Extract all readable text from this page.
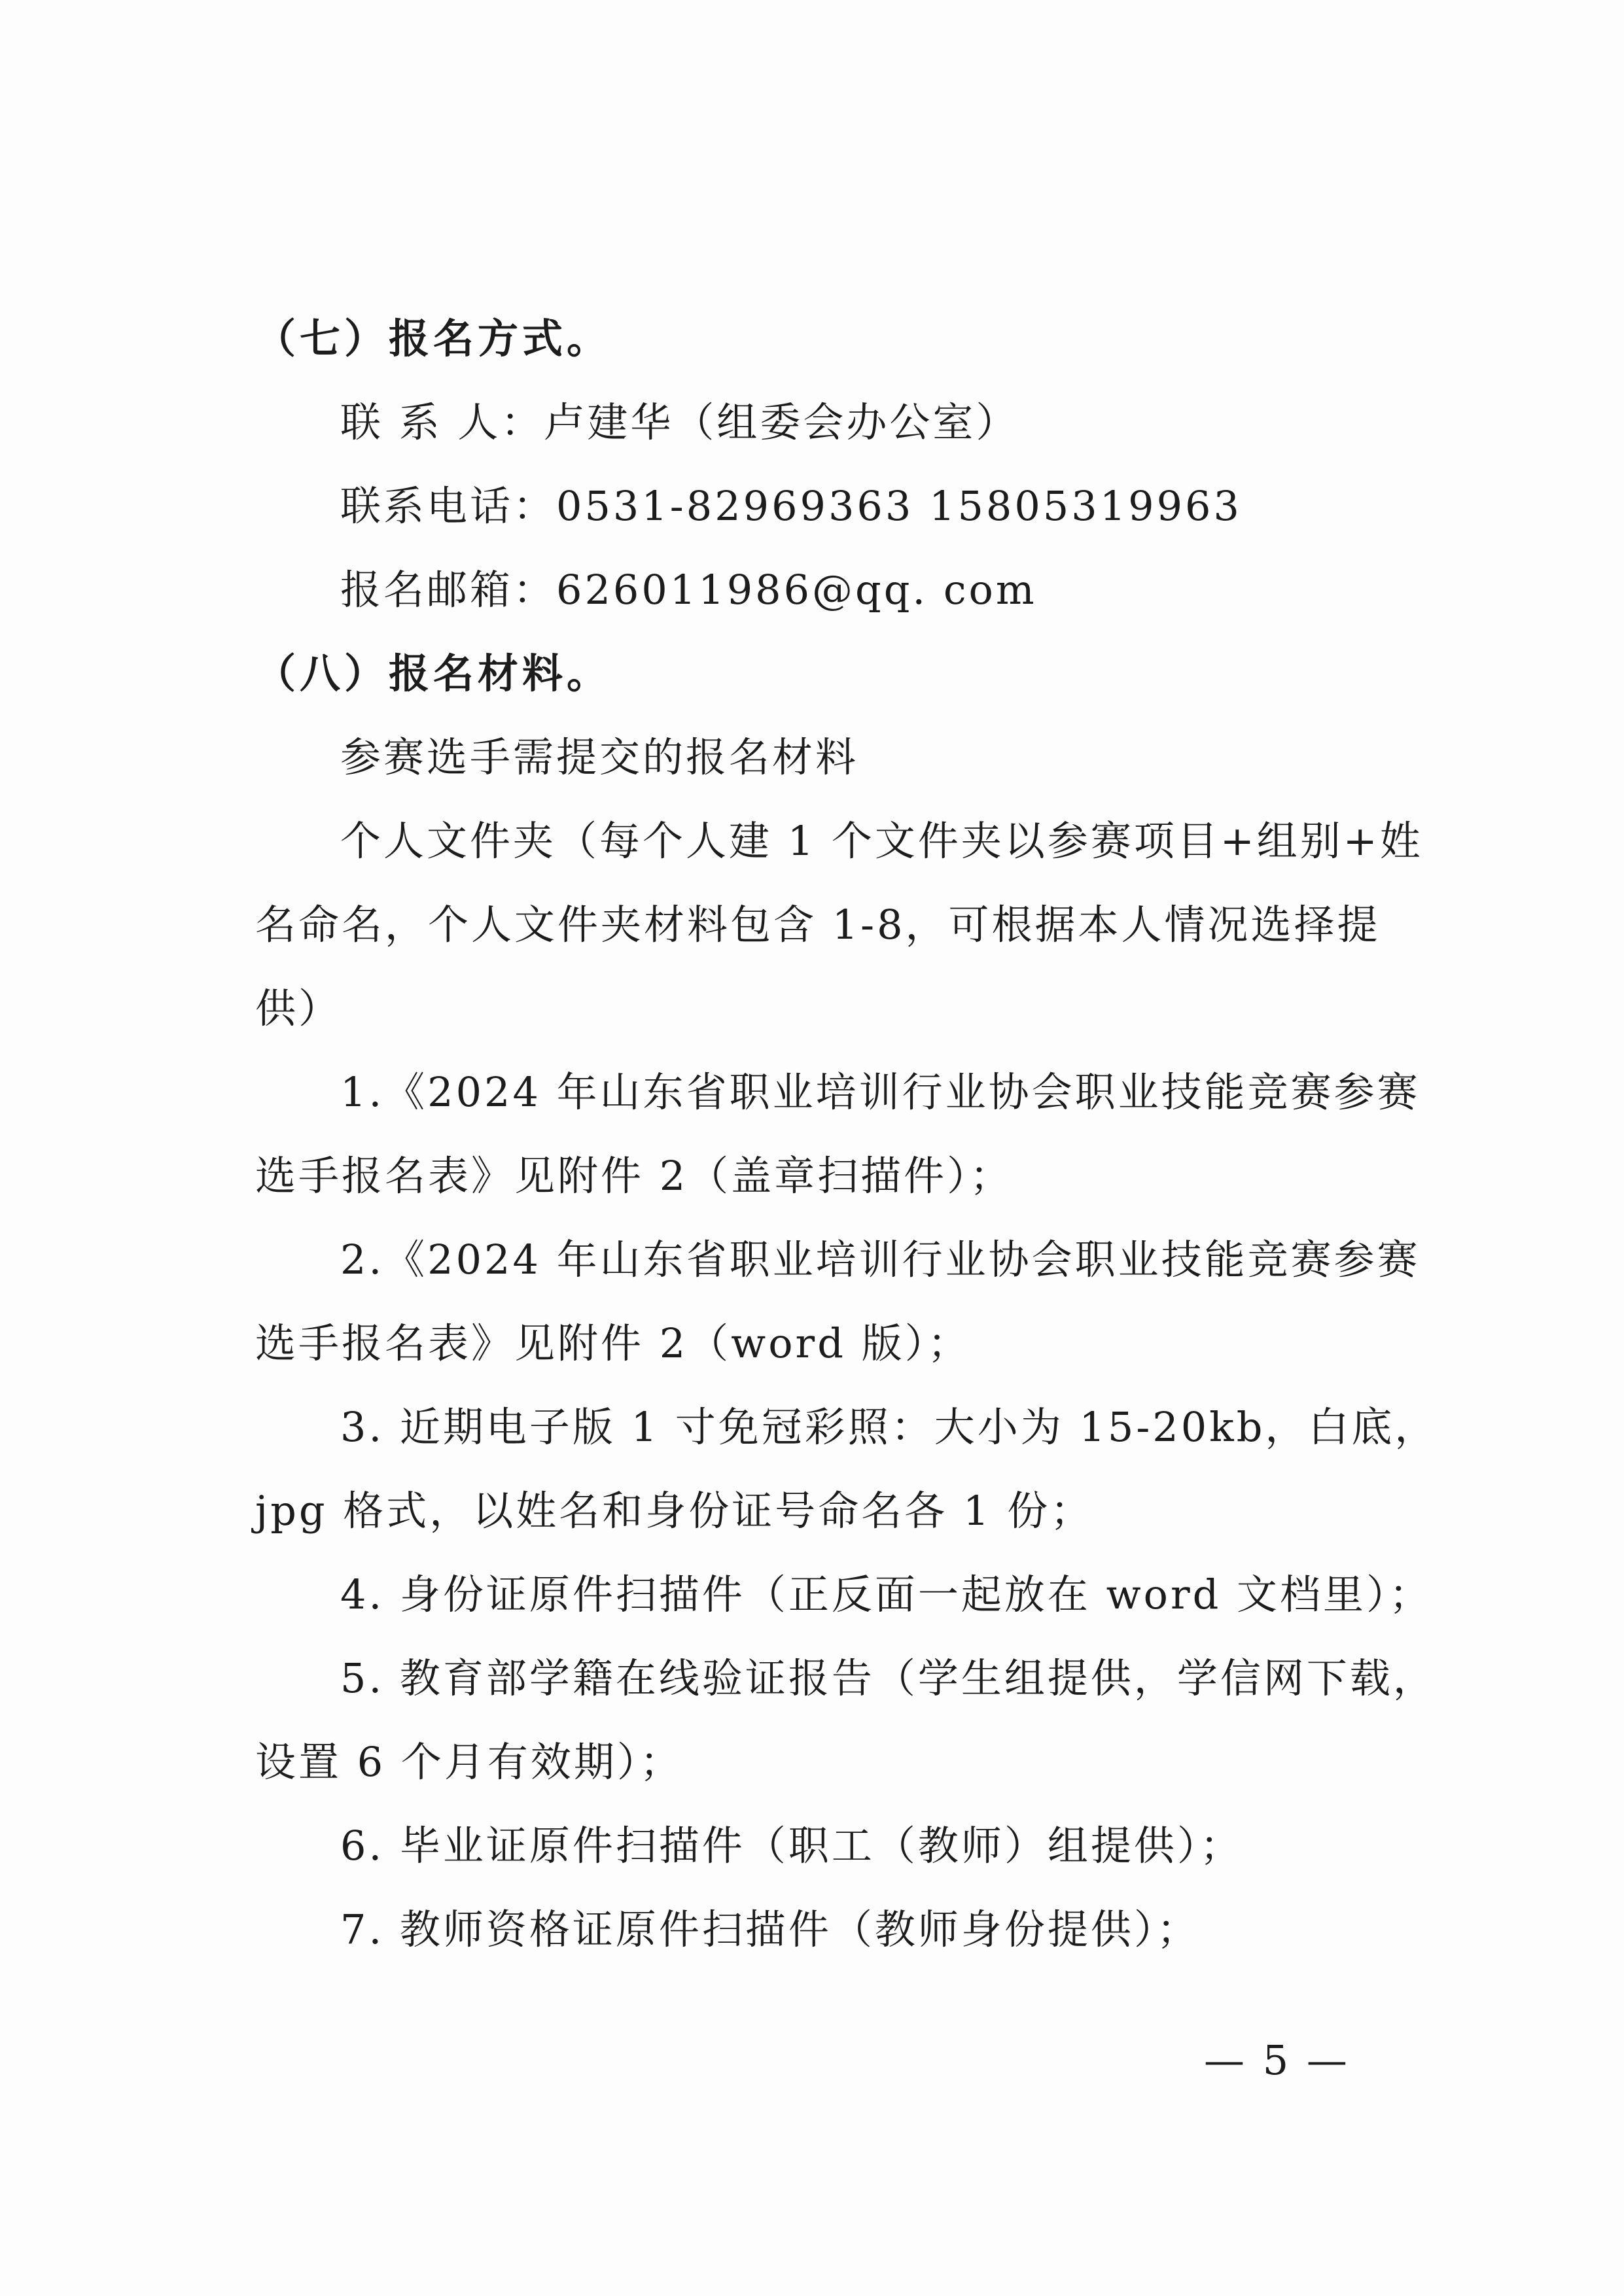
（七）报名方式。
联 系 人：卢建华（组委会办公室）
联系电话：0531-82969363 15805319963
报名邮箱：626011986@qq. com
（八）报名材料。
参赛选手需提交的报名材料
个人文件夹（每个人建 1 个文件夹以参赛项目+组别+姓
名命名，个人文件夹材料包含 1-8，可根据本人情况选择提
供）
1.《2024 年山东省职业培训行业协会职业技能竞赛参赛
选手报名表》见附件 2（盖章扫描件）；
2.《2024 年山东省职业培训行业协会职业技能竞赛参赛
选手报名表》见附件 2（word 版）；
3. 近期电子版 1 寸免冠彩照：大小为 15-20kb，白底，
jpg 格式，以姓名和身份证号命名各 1 份；
4. 身份证原件扫描件（正反面一起放在 word 文档里）；
5. 教育部学籍在线验证报告（学生组提供，学信网下载，
设置 6 个月有效期）；
6. 毕业证原件扫描件（职工（教师）组提供）；
7. 教师资格证原件扫描件（教师身份提供）；
— 5 —
